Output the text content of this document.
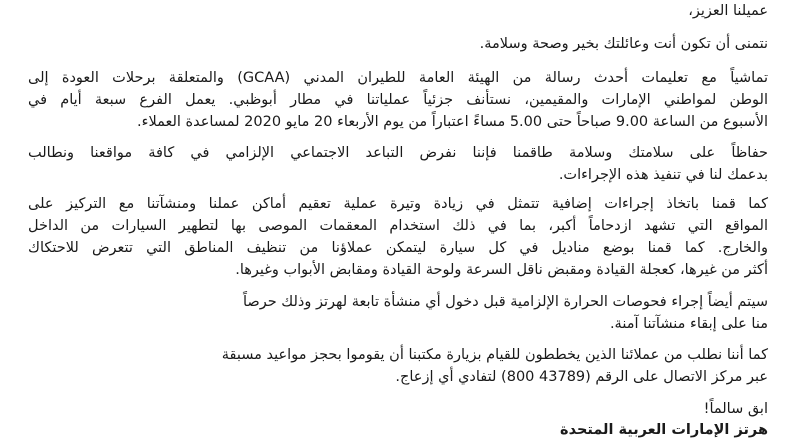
عميلنا العزيز،
نتمنى أن تكون أنت وعائلتك بخير وصحة وسلامة.
تماشياً مع تعليمات أحدث رسالة من الهيئة العامة للطيران المدني (GCAA) والمتعلقة برحلات العودة إلى
الوطن لمواطني الإمارات والمقيمين، نستأنف جزئياً عملياتنا في مطار أبوظبي. يعمل الفرع سبعة أيام في
الأسبوع من الساعة 9.00 صباحاً حتى 5.00 مساءً اعتباراً من يوم الأربعاء 20 مايو 2020 لمساعدة العملاء.
حفاظاً على سلامتك وسلامة طاقمنا فإننا نفرض التباعد الاجتماعي الإلزامي في كافة مواقعنا ونطالب
بدعمك لنا في تنفيذ هذه الإجراءات.
كما قمنا باتخاذ إجراءات إضافية تتمثل في زيادة وتيرة عملية تعقيم أماكن عملنا ومنشآتنا مع التركيز على
المواقع التي تشهد ازدحاماً أكبر، بما في ذلك استخدام المعقمات الموصى بها لتطهير السيارات من الداخل
والخارج. كما قمنا بوضع مناديل في كل سيارة ليتمكن عملاؤنا من تنظيف المناطق التي تتعرض للاحتكاك
أكثر من غيرها، كعجلة القيادة ومقبض ناقل السرعة ولوحة القيادة ومقابض الأبواب وغيرها.
سيتم أيضاً إجراء فحوصات الحرارة الإلزامية قبل دخول أي منشأة تابعة لهرتز وذلك حرصاً
منا على إبقاء منشآتنا آمنة.
كما أننا نطلب من عملائنا الذين يخططون للقيام بزيارة مكتبنا أن يقوموا بحجز مواعيد مسبقة
عبر مركز الاتصال على الرقم (43789 800) لتفادي أي إزعاج.
ابق سالماً!
هرتز الإمارات العربية المتحدة
